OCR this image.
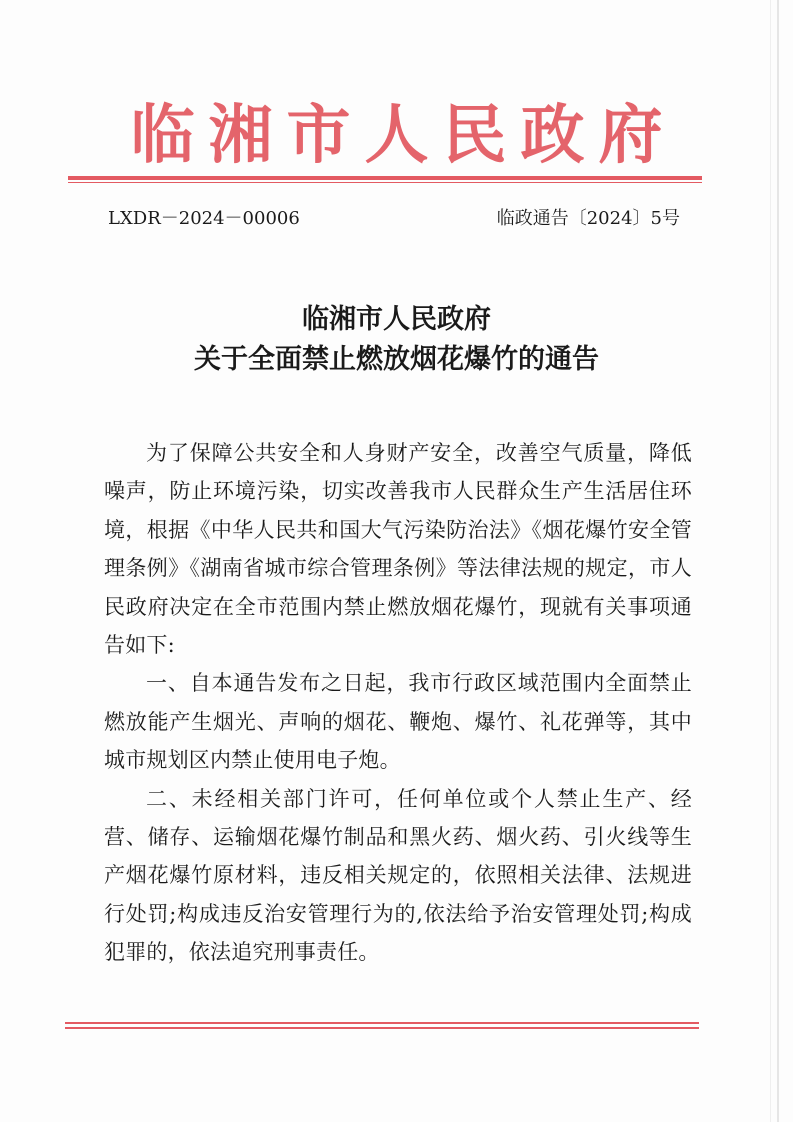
临湘市人民政府
LXDR－2024－00006	临政通告〔2024〕5号
临湘市人民政府
关于全面禁止燃放烟花爆竹的通告

为了保障公共安全和人身财产安全，改善空气质量，降低噪声，防止环境污染，切实改善我市人民群众生产生活居住环境，根据《中华人民共和国大气污染防治法》《烟花爆竹安全管理条例》《湖南省城市综合管理条例》等法律法规的规定，市人民政府决定在全市范围内禁止燃放烟花爆竹，现就有关事项通告如下:

一、自本通告发布之日起，我市行政区域范围内全面禁止燃放能产生烟光、声响的烟花、鞭炮、爆竹、礼花弹等，其中城市规划区内禁止使用电子炮。

二、未经相关部门许可，任何单位或个人禁止生产、经营、储存、运输烟花爆竹制品和黑火药、烟火药、引火线等生产烟花爆竹原材料，违反相关规定的，依照相关法律、法规进行处罚;构成违反治安管理行为的,依法给予治安管理处罚;构成犯罪的，依法追究刑事责任。
